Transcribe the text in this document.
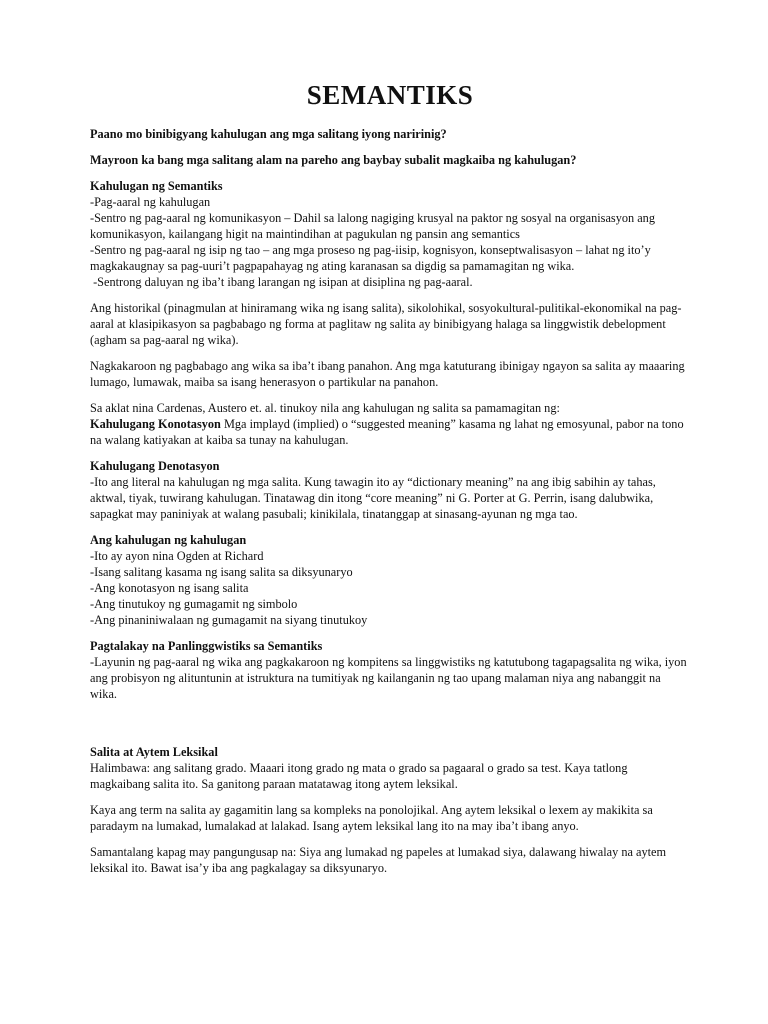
SEMANTIKS

Paano mo binibigyang kahulugan ang mga salitang iyong naririnig?

Mayroon ka bang mga salitang alam na pareho ang baybay subalit magkaiba ng kahulugan?

Kahulugan ng Semantiks

-Pag-aaral ng kahulugan

-Sentro ng pag-aaral ng komunikasyon – Dahil sa lalong nagiging krusyal na paktor ng sosyal na organisasyon ang komunikasyon, kailangang higit na maintindihan at pagukulan ng pansin ang semantics

-Sentro ng pag-aaral ng isip ng tao – ang mga proseso ng pag-iisip, kognisyon, konseptwalisasyon – lahat ng ito’y magkakaugnay sa pag-uuri’t pagpapahayag ng ating karanasan sa digdig sa pamamagitan ng wika.

-Sentrong daluyan ng iba’t ibang larangan ng isipan at disiplina ng pag-aaral.

Ang historikal (pinagmulan at hiniramang wika ng isang salita), sikolohikal, sosyokultural-pulitikal-ekonomikal na pag-aaral at klasipikasyon sa pagbabago ng forma at paglitaw ng salita ay binibigyang halaga sa linggwistik debelopment (agham sa pag-aaral ng wika).

Nagkakaroon ng pagbabago ang wika sa iba’t ibang panahon. Ang mga katuturang ibinigay ngayon sa salita ay maaaring lumago, lumawak, maiba sa isang henerasyon o partikular na panahon.

Sa aklat nina Cardenas, Austero et. al. tinukoy nila ang kahulugan ng salita sa pamamagitan ng:

Kahulugang Konotasyon Mga implayd (implied) o “suggested meaning” kasama ng lahat ng emosyunal, pabor na tono na walang katiyakan at kaiba sa tunay na kahulugan.

Kahulugang Denotasyon

-Ito ang literal na kahulugan ng mga salita. Kung tawagin ito ay “dictionary meaning” na ang ibig sabihin ay tahas, aktwal, tiyak, tuwirang kahulugan. Tinatawag din itong “core meaning” ni G. Porter at G. Perrin, isang dalubwika, sapagkat may paniniyak at walang pasubali; kinikilala, tinatanggap at sinasang-ayunan ng mga tao.

Ang kahulugan ng kahulugan

-Ito ay ayon nina Ogden at Richard

-Isang salitang kasama ng isang salita sa diksyunaryo

-Ang konotasyon ng isang salita

-Ang tinutukoy ng gumagamit ng simbolo

-Ang pinaniniwalaan ng gumagamit na siyang tinutukoy

Pagtalakay na Panlinggwistiks sa Semantiks

-Layunin ng pag-aaral ng wika ang pagkakaroon ng kompitens sa linggwistiks ng katutubong tagapagsalita ng wika, iyon ang probisyon ng alituntunin at istruktura na tumitiyak ng kailanganin ng tao upang malaman niya ang nabanggit na wika.

Salita at Aytem Leksikal

Halimbawa: ang salitang grado. Maaari itong grado ng mata o grado sa pagaaral o grado sa test. Kaya tatlong magkaibang salita ito. Sa ganitong paraan matatawag itong aytem leksikal.

Kaya ang term na salita ay gagamitin lang sa kompleks na ponolojikal. Ang aytem leksikal o lexem ay makikita sa paradaym na lumakad, lumalakad at lalakad. Isang aytem leksikal lang ito na may iba’t ibang anyo.

Samantalang kapag may pangungusap na: Siya ang lumakad ng papeles at lumakad siya, dalawang hiwalay na aytem leksikal ito. Bawat isa’y iba ang pagkalagay sa diksyunaryo.
